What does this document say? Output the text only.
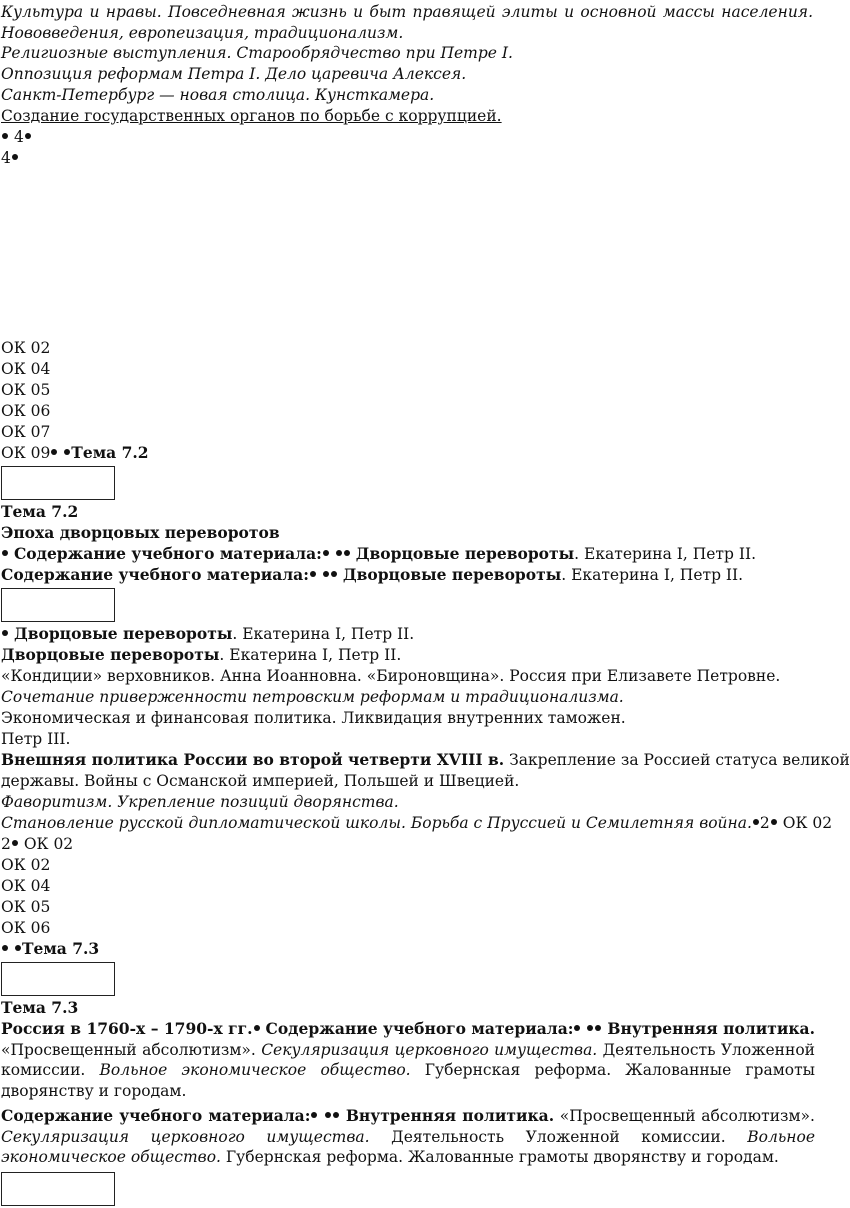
Культура и нравы. Повседневная жизнь и быт правящей элиты и основной массы населения. Нововведения, европеизация, традиционализм.
Религиозные выступления. Старообрядчество при Петре I.
Оппозиция реформам Петра I. Дело царевича Алексея.
Санкт-Петербург — новая столица. Кунсткамера.
Создание государственных органов по борьбе с коррупцией.
4
4
ОК 02
ОК 04
ОК 05
ОК 06
ОК 07
ОК 09 Тема 7.2
Тема 7.2
Эпоха дворцовых переворотов
Содержание учебного материала: Дворцовые перевороты. Екатерина I, Петр II.
Содержание учебного материала: Дворцовые перевороты. Екатерина I, Петр II.
Дворцовые перевороты. Екатерина I, Петр II.
Дворцовые перевороты. Екатерина I, Петр II.
«Кондиции» верховников. Анна Иоанновна. «Бироновщина». Россия при Елизавете Петровне.
Сочетание приверженности петровским реформам и традиционализма.
Экономическая и финансовая политика. Ликвидация внутренних таможен.
Петр III.
Внешняя политика России во второй четверти XVIII в. Закрепление за Россией статуса великой
державы. Войны с Османской империей, Польшей и Швецией.
Фаворитизм. Укрепление позиций дворянства.
Становление русской дипломатической школы. Борьба с Пруссией и Семилетняя война. 2 ОК 02
2 ОК 02
ОК 02
ОК 04
ОК 05
ОК 06
Тема 7.3
Тема 7.3
Россия в 1760-х – 1790-х гг. Содержание учебного материала: Внутренняя политика. «Просвещенный абсолютизм». Секуляризация церковного имущества. Деятельность Уложенной комиссии. Вольное экономическое общество. Губернская реформа. Жалованные грамоты дворянству и городам.
Содержание учебного материала: Внутренняя политика. «Просвещенный абсолютизм». Секуляризация церковного имущества. Деятельность Уложенной комиссии. Вольное экономическое общество. Губернская реформа. Жалованные грамоты дворянству и городам.
